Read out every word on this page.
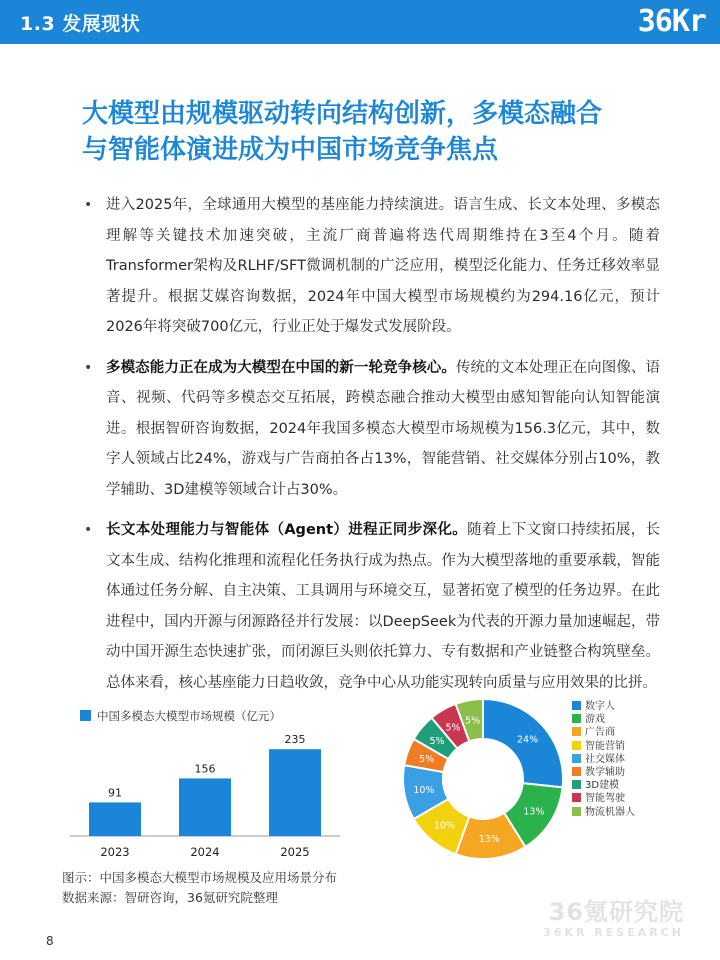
1.3 发展现状	36Kr
大模型由规模驱动转向结构创新，多模态融合
与智能体演进成为中国市场竞争焦点
• 进入2025年，全球通用大模型的基座能力持续演进。语言生成、长文本处理、多模态理解等关键技术加速突破，主流厂商普遍将迭代周期维持在3至4个月。随着Transformer架构及RLHF/SFT微调机制的广泛应用，模型泛化能力、任务迁移效率显著提升。根据艾媒咨询数据，2024年中国大模型市场规模约为294.16亿元，预计2026年将突破700亿元，行业正处于爆发式发展阶段。

• 多模态能力正在成为大模型在中国的新一轮竞争核心。传统的文本处理正在向图像、语音、视频、代码等多模态交互拓展，跨模态融合推动大模型由感知智能向认知智能演进。根据智研咨询数据，2024年我国多模态大模型市场规模为156.3亿元，其中，数字人领域占比24%，游戏与广告商拍各占13%，智能营销、社交媒体分别占10%，教学辅助、3D建模等领域合计占30%。

• 长文本处理能力与智能体（Agent）进程正同步深化。随着上下文窗口持续拓展，长文本生成、结构化推理和流程化任务执行成为热点。作为大模型落地的重要承载，智能体通过任务分解、自主决策、工具调用与环境交互，显著拓宽了模型的任务边界。在此进程中，国内开源与闭源路径并行发展：以DeepSeek为代表的开源力量加速崛起，带动中国开源生态快速扩张，而闭源巨头则依托算力、专有数据和产业链整合构筑壁垒。总体来看，核心基座能力日趋收敛，竞争中心从功能实现转向质量与应用效果的比拼。

中国多模态大模型市场规模（亿元）
91
2023
156
2024
235
2025
24%
13%
13%
10%
10%
5%
5%
5%
5%
数字人
游戏
广告商
智能营销
社交媒体
教学辅助
3D建模
智能驾驶
物流机器人
图示：中国多模态大模型市场规模及应用场景分布
数据来源：智研咨询，36氪研究院整理
36氪研究院
36KR RESEARCH
8
